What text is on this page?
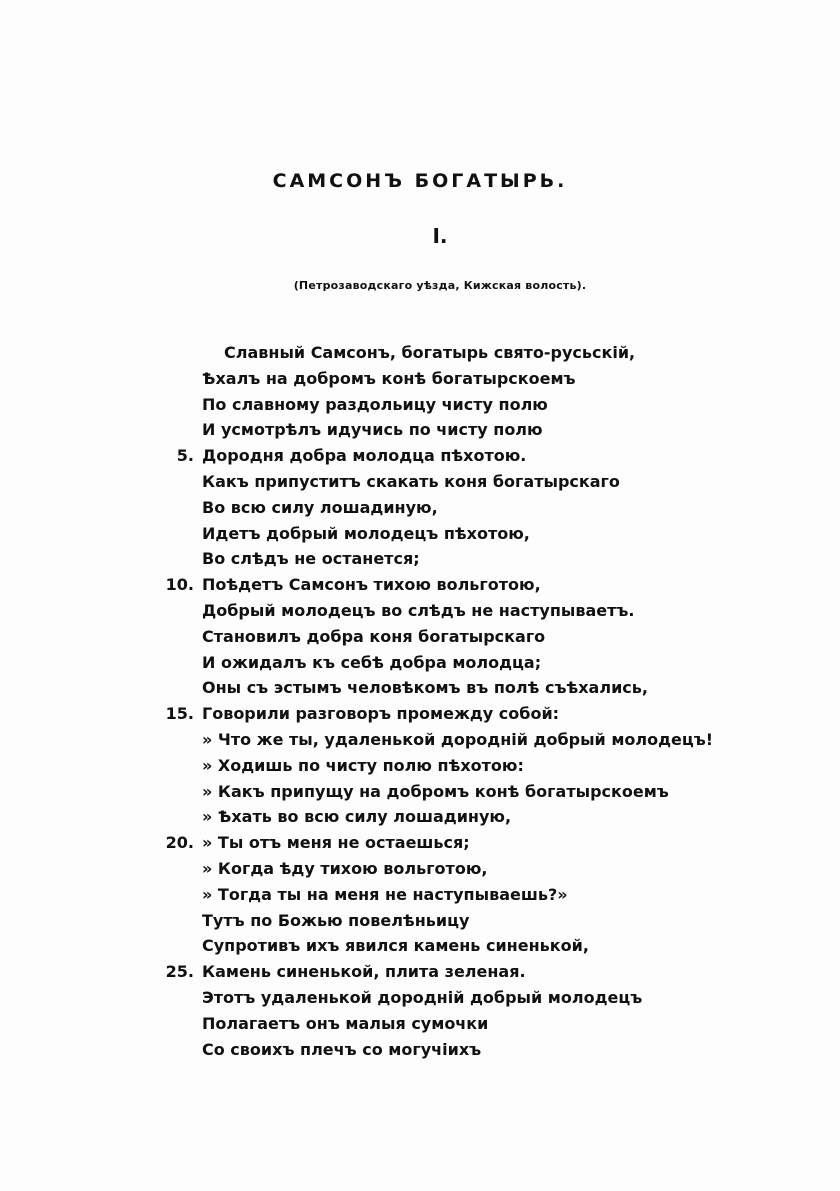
САМСОНЪ БОГАТЫРЬ.
I.
(Петрозаводскаго уѣзда, Кижская волость).
Славный Самсонъ, богатырь свято-русьскiй,
Ѣхалъ на добромъ конѣ богатырскоемъ
По славному раздольицу чисту полю
И усмотрѣлъ идучись по чисту полю
5. Дородня добра молодца пѣхотою.
Какъ припуститъ скакать коня богатырскаго
Во всю силу лошадиную,
Идетъ добрый молодецъ пѣхотою,
Во слѣдъ не останется;
10. Поѣдетъ Самсонъ тихою вольготою,
Добрый молодецъ во слѣдъ не наступываетъ.
Становилъ добра коня богатырскаго
И ожидалъ къ себѣ добра молодца;
Оны съ эстымъ человѣкомъ въ полѣ съѣхались,
15. Говорили разговоръ промежду собой:
» Что же ты, удаленькой дороднiй добрый молодецъ!
» Ходишь по чисту полю пѣхотою:
» Какъ припущу на добромъ конѣ богатырскоемъ
» Ѣхать во всю силу лошадиную,
20. » Ты отъ меня не остаешься;
» Когда ѣду тихою вольготою,
» Тогда ты на меня не наступываешь?»
Тутъ по Божью повелѣньицу
Супротивъ ихъ явился камень синенькой,
25. Камень синенькой, плита зеленая.
Этотъ удаленькой дороднiй добрый молодецъ
Полагаетъ онъ малыя сумочки
Со своихъ плечъ со могучiихъ
